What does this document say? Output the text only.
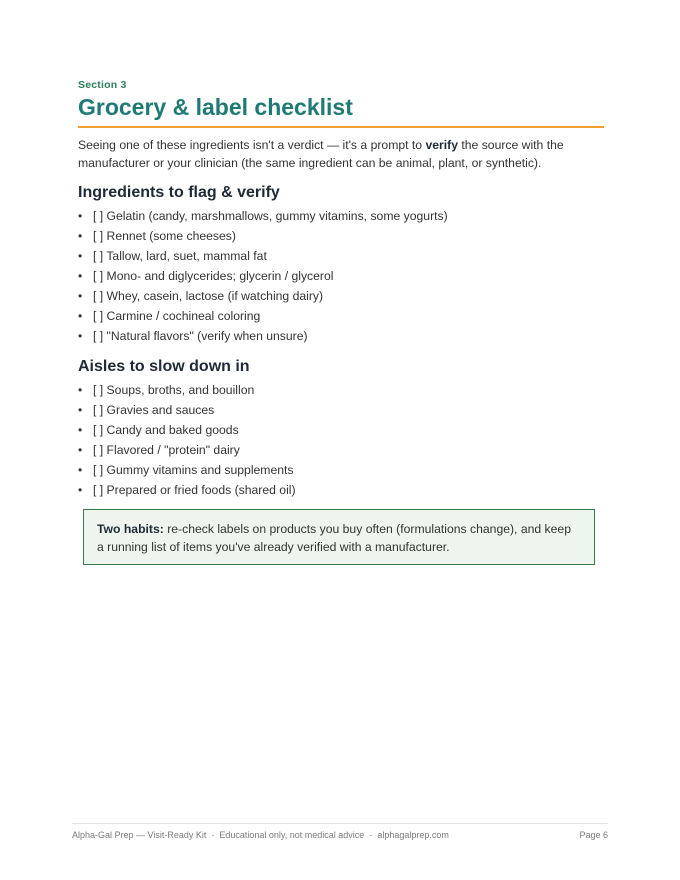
Section 3
Grocery & label checklist

Seeing one of these ingredients isn't a verdict — it's a prompt to verify the source with the manufacturer or your clinician (the same ingredient can be animal, plant, or synthetic).

Ingredients to flag & verify
• [ ] Gelatin (candy, marshmallows, gummy vitamins, some yogurts)
• [ ] Rennet (some cheeses)
• [ ] Tallow, lard, suet, mammal fat
• [ ] Mono- and diglycerides; glycerin / glycerol
• [ ] Whey, casein, lactose (if watching dairy)
• [ ] Carmine / cochineal coloring
• [ ] "Natural flavors" (verify when unsure)
Aisles to slow down in
• [ ] Soups, broths, and bouillon
• [ ] Gravies and sauces
• [ ] Candy and baked goods
• [ ] Flavored / "protein" dairy
• [ ] Gummy vitamins and supplements
• [ ] Prepared or fried foods (shared oil)
Two habits: re-check labels on products you buy often (formulations change), and keep a running list of items you've already verified with a manufacturer.
Alpha-Gal Prep — Visit-Ready Kit · Educational only, not medical advice · alphagalprep.com	Page 6
